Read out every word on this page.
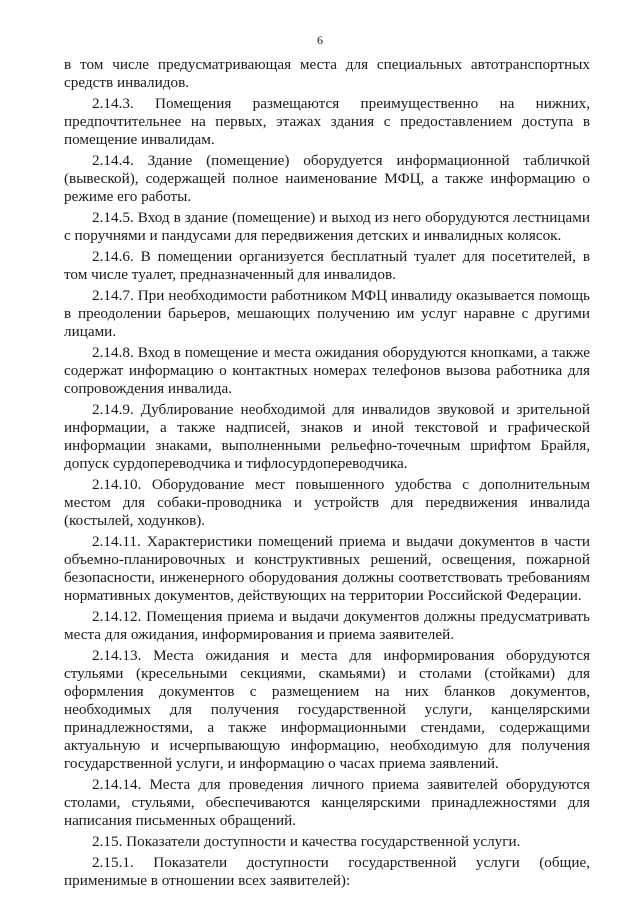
6

в том числе предусматривающая места для специальных автотранспортных средств инвалидов.

2.14.3. Помещения размещаются преимущественно на нижних, предпочтительнее на первых, этажах здания с предоставлением доступа в помещение инвалидам.

2.14.4. Здание (помещение) оборудуется информационной табличкой (вывеской), содержащей полное наименование МФЦ, а также информацию о режиме его работы.

2.14.5. Вход в здание (помещение) и выход из него оборудуются лестницами с поручнями и пандусами для передвижения детских и инвалидных колясок.

2.14.6. В помещении организуется бесплатный туалет для посетителей, в том числе туалет, предназначенный для инвалидов.

2.14.7. При необходимости работником МФЦ инвалиду оказывается помощь в преодолении барьеров, мешающих получению им услуг наравне с другими лицами.

2.14.8. Вход в помещение и места ожидания оборудуются кнопками, а также содержат информацию о контактных номерах телефонов вызова работника для сопровождения инвалида.

2.14.9. Дублирование необходимой для инвалидов звуковой и зрительной информации, а также надписей, знаков и иной текстовой и графической информации знаками, выполненными рельефно-точечным шрифтом Брайля, допуск сурдопереводчика и тифлосурдопереводчика.

2.14.10. Оборудование мест повышенного удобства с дополнительным местом для собаки-проводника и устройств для передвижения инвалида (костылей, ходунков).

2.14.11. Характеристики помещений приема и выдачи документов в части объемно-планировочных и конструктивных решений, освещения, пожарной безопасности, инженерного оборудования должны соответствовать требованиям нормативных документов, действующих на территории Российской Федерации.

2.14.12. Помещения приема и выдачи документов должны предусматривать места для ожидания, информирования и приема заявителей.

2.14.13. Места ожидания и места для информирования оборудуются стульями (кресельными секциями, скамьями) и столами (стойками) для оформления документов с размещением на них бланков документов, необходимых для получения государственной услуги, канцелярскими принадлежностями, а также информационными стендами, содержащими актуальную и исчерпывающую информацию, необходимую для получения государственной услуги, и информацию о часах приема заявлений.

2.14.14. Места для проведения личного приема заявителей оборудуются столами, стульями, обеспечиваются канцелярскими принадлежностями для написания письменных обращений.

2.15. Показатели доступности и качества государственной услуги.

2.15.1. Показатели доступности государственной услуги (общие, применимые в отношении всех заявителей):
